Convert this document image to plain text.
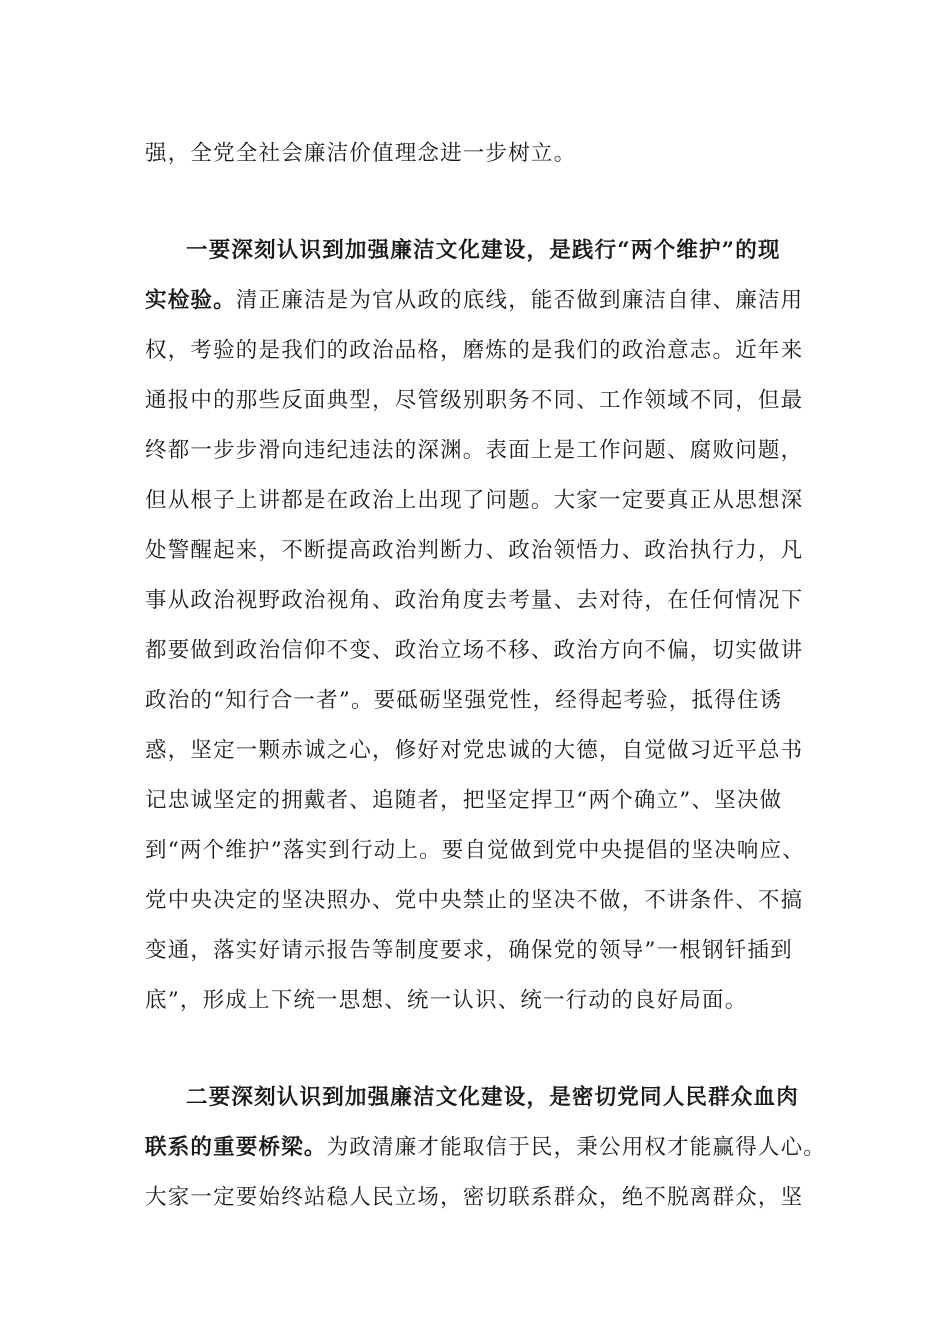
强，全党全社会廉洁价值理念进一步树立。
一要深刻认识到加强廉洁文化建设，是践行“两个维护”的现
实检验。清正廉洁是为官从政的底线，能否做到廉洁自律、廉洁用
权，考验的是我们的政治品格，磨炼的是我们的政治意志。近年来
通报中的那些反面典型，尽管级别职务不同、工作领域不同，但最
终都一步步滑向违纪违法的深渊。表面上是工作问题、腐败问题，
但从根子上讲都是在政治上出现了问题。大家一定要真正从思想深
处警醒起来，不断提高政治判断力、政治领悟力、政治执行力，凡
事从政治视野政治视角、政治角度去考量、去对待，在任何情况下
都要做到政治信仰不变、政治立场不移、政治方向不偏，切实做讲
政治的“知行合一者”。要砥砺坚强党性，经得起考验，抵得住诱
惑，坚定一颗赤诚之心，修好对党忠诚的大德，自觉做习近平总书
记忠诚坚定的拥戴者、追随者，把坚定捍卫“两个确立”、坚决做
到“两个维护”落实到行动上。要自觉做到党中央提倡的坚决响应、
党中央决定的坚决照办、党中央禁止的坚决不做，不讲条件、不搞
变通，落实好请示报告等制度要求，确保党的领导”一根钢钎插到
底”，形成上下统一思想、统一认识、统一行动的良好局面。
二要深刻认识到加强廉洁文化建设，是密切党同人民群众血肉
联系的重要桥梁。为政清廉才能取信于民，秉公用权才能赢得人心。
大家一定要始终站稳人民立场，密切联系群众，绝不脱离群众，坚
